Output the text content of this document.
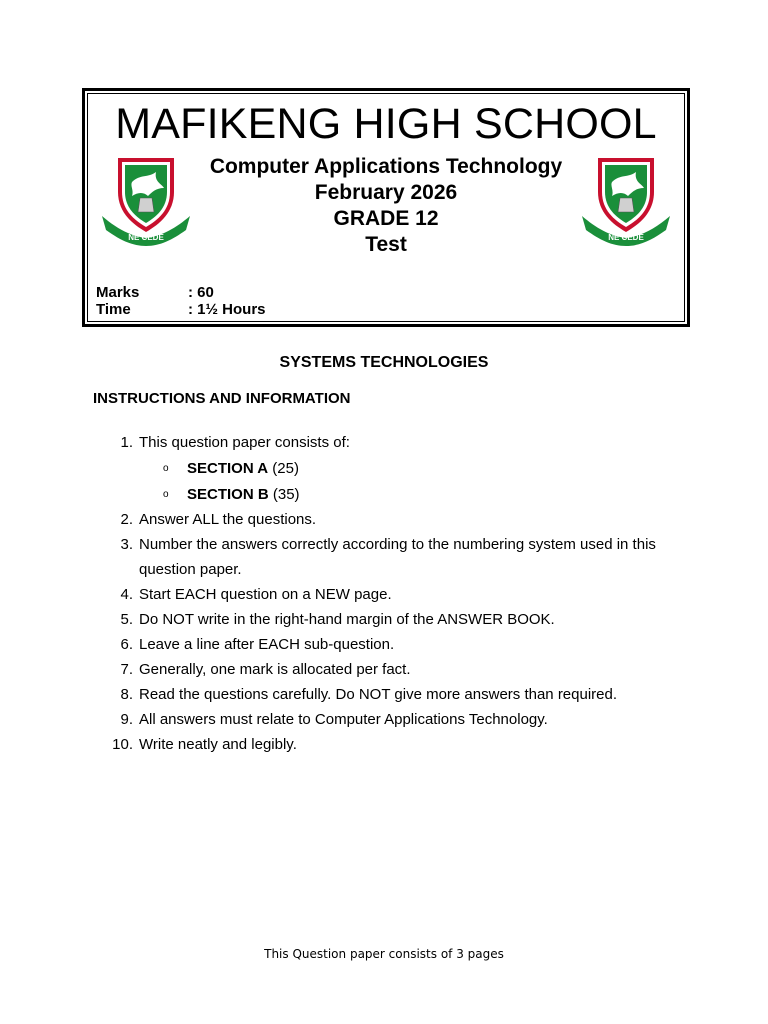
MAFIKENG HIGH SCHOOL
NE CEDE	NE CEDE
Computer Applications Technology
February 2026
GRADE 12
Test
Marks	: 60
Time	: 1½ Hours
SYSTEMS TECHNOLOGIES
INSTRUCTIONS AND INFORMATION
1. This question paper consists of:
o	SECTION A (25)
o	SECTION B (35)
2. Answer ALL the questions.
3. Number the answers correctly according to the numbering system used in this question paper.
4. Start EACH question on a NEW page.
5. Do NOT write in the right-hand margin of the ANSWER BOOK.
6. Leave a line after EACH sub-question.
7. Generally, one mark is allocated per fact.
8. Read the questions carefully. Do NOT give more answers than required.
9. All answers must relate to Computer Applications Technology.
10. Write neatly and legibly.
This Question paper consists of 3 pages
